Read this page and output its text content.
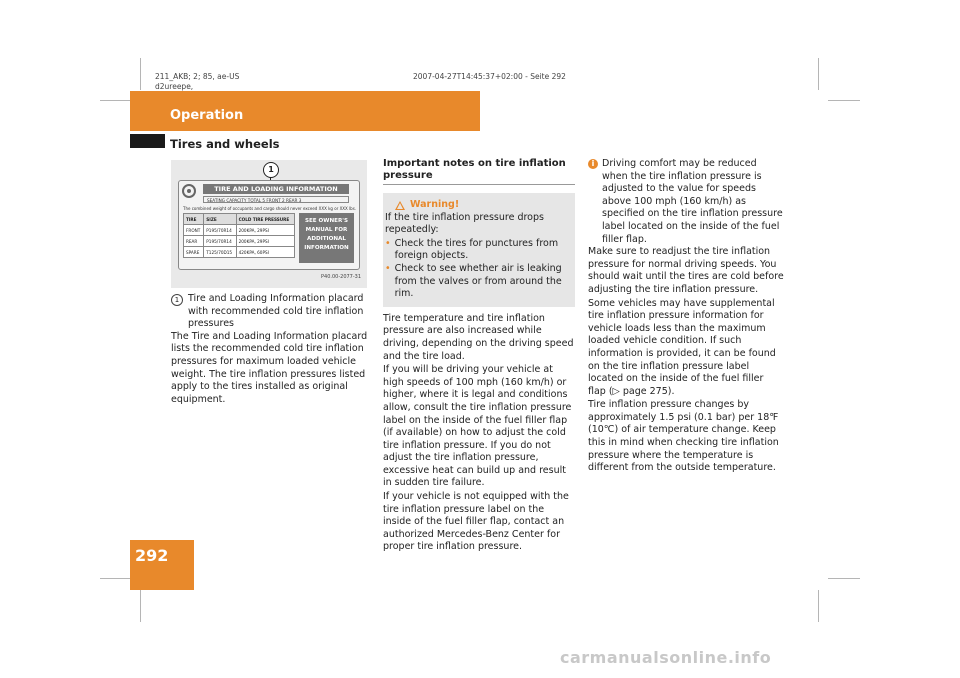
211_AKB; 2; 85, ae-US
d2ureepe,
2007-04-27T14:45:37+02:00 - Seite 292
Operation
Tires and wheels
1
TIRE AND LOADING INFORMATION
SEATING CAPACITY TOTAL 5 FRONT 2 REAR 3
The combined weight of occupants and cargo should never exceed XXX kg or XXX lbs.
TIRE	SIZE	COLD TIRE PRESSURE
FRONT	P195/70R14	200KPA, 29PSI
REAR	P195/70R14	200KPA, 29PSI
SPARE	T125/70D15	420KPA, 60PSI
SEE OWNER'S
MANUAL FOR
ADDITIONAL
INFORMATION
P40.00-2077-31
1 Tire and Loading Information placard with recommended cold tire inflation pressures

The Tire and Loading Information placard lists the recommended cold tire inflation pressures for maximum loaded vehicle weight. The tire inflation pressures listed apply to the tires installed as original equipment.

Important notes on tire inflation pressure
Warning!

If the tire inflation pressure drops repeatedly:

• Check the tires for punctures from foreign objects.
• Check to see whether air is leaking from the valves or from around the rim.

Tire temperature and tire inflation pressure are also increased while driving, depending on the driving speed and the tire load.

If you will be driving your vehicle at high speeds of 100 mph (160 km/h) or higher, where it is legal and conditions allow, consult the tire inflation pressure label on the inside of the fuel filler flap (if available) on how to adjust the cold tire inflation pressure. If you do not adjust the tire inflation pressure, excessive heat can build up and result in sudden tire failure.

If your vehicle is not equipped with the tire inflation pressure label on the inside of the fuel filler flap, contact an authorized Mercedes-Benz Center for proper tire inflation pressure.

i Driving comfort may be reduced when the tire inflation pressure is adjusted to the value for speeds above 100 mph (160 km/h) as specified on the tire inflation pressure label located on the inside of the fuel filler flap.

Make sure to readjust the tire inflation pressure for normal driving speeds. You should wait until the tires are cold before adjusting the tire inflation pressure.

Some vehicles may have supplemental tire inflation pressure information for vehicle loads less than the maximum loaded vehicle condition. If such information is provided, it can be found on the tire inflation pressure label located on the inside of the fuel filler flap (▷ page 275).

Tire inflation pressure changes by approximately 1.5 psi (0.1 bar) per 18℉ (10℃) of air temperature change. Keep this in mind when checking tire inflation pressure where the temperature is different from the outside temperature.

292
carmanualsonline.info
